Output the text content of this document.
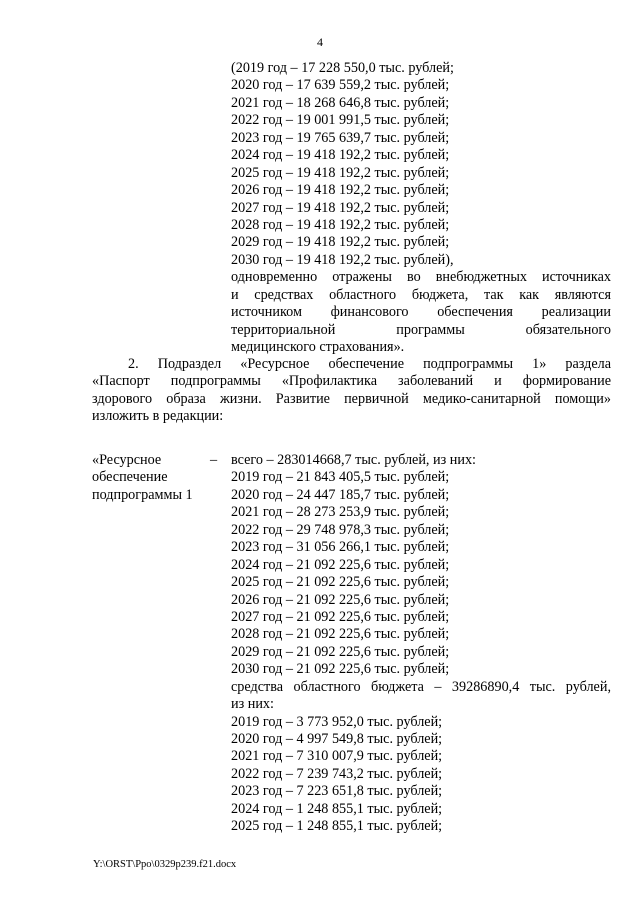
4
(2019 год – 17 228 550,0 тыс. рублей;
2020 год – 17 639 559,2 тыс. рублей;
2021 год – 18 268 646,8 тыс. рублей;
2022 год – 19 001 991,5 тыс. рублей;
2023 год – 19 765 639,7 тыс. рублей;
2024 год – 19 418 192,2 тыс. рублей;
2025 год – 19 418 192,2 тыс. рублей;
2026 год – 19 418 192,2 тыс. рублей;
2027 год – 19 418 192,2 тыс. рублей;
2028 год – 19 418 192,2 тыс. рублей;
2029 год – 19 418 192,2 тыс. рублей;
2030 год – 19 418 192,2 тыс. рублей),
одновременно отражены во внебюджетных источниках
и средствах областного бюджета, так как являются
источником финансового обеспечения реализации
территориальной программы обязательного
медицинского страхования».
2. Подраздел «Ресурсное обеспечение подпрограммы 1» раздела
«Паспорт подпрограммы «Профилактика заболеваний и формирование
здорового образа жизни. Развитие первичной медико-санитарной помощи»
изложить в редакции:
«Ресурсное
обеспечение
подпрограммы 1
– всего – 283014668,7 тыс. рублей, из них:
2019 год – 21 843 405,5 тыс. рублей;
2020 год – 24 447 185,7 тыс. рублей;
2021 год – 28 273 253,9 тыс. рублей;
2022 год – 29 748 978,3 тыс. рублей;
2023 год – 31 056 266,1 тыс. рублей;
2024 год – 21 092 225,6 тыс. рублей;
2025 год – 21 092 225,6 тыс. рублей;
2026 год – 21 092 225,6 тыс. рублей;
2027 год – 21 092 225,6 тыс. рублей;
2028 год – 21 092 225,6 тыс. рублей;
2029 год – 21 092 225,6 тыс. рублей;
2030 год – 21 092 225,6 тыс. рублей;
средства областного бюджета – 39286890,4 тыс. рублей,
из них:
2019 год – 3 773 952,0 тыс. рублей;
2020 год – 4 997 549,8 тыс. рублей;
2021 год – 7 310 007,9 тыс. рублей;
2022 год – 7 239 743,2 тыс. рублей;
2023 год – 7 223 651,8 тыс. рублей;
2024 год – 1 248 855,1 тыс. рублей;
2025 год – 1 248 855,1 тыс. рублей;
Y:\ORST\Ppo\0329p239.f21.docx
